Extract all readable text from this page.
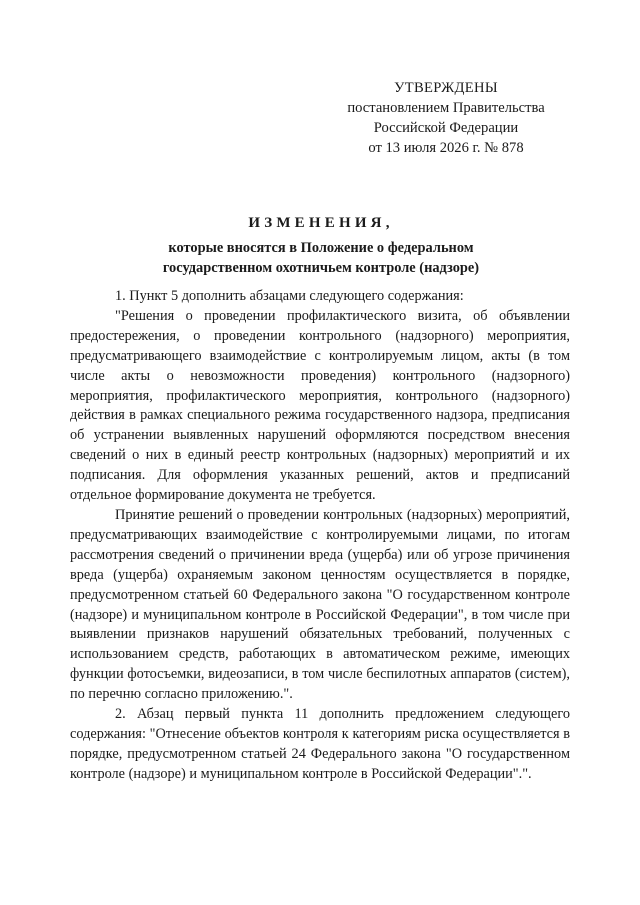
УТВЕРЖДЕНЫ
постановлением Правительства
Российской Федерации
от 13 июля 2026 г. № 878
ИЗМЕНЕНИЯ,
которые вносятся в Положение о федеральном
государственном охотничьем контроле (надзоре)

1. Пункт 5 дополнить абзацами следующего содержания:

"Решения о проведении профилактического визита, об объявлении предостережения, о проведении контрольного (надзорного) мероприятия, предусматривающего взаимодействие с контролируемым лицом, акты (в том числе акты о невозможности проведения) контрольного (надзорного) мероприятия, профилактического мероприятия, контрольного (надзорного) действия в рамках специального режима государственного надзора, предписания об устранении выявленных нарушений оформляются посредством внесения сведений о них в единый реестр контрольных (надзорных) мероприятий и их подписания. Для оформления указанных решений, актов и предписаний отдельное формирование документа не требуется.

Принятие решений о проведении контрольных (надзорных) мероприятий, предусматривающих взаимодействие с контролируемыми лицами, по итогам рассмотрения сведений о причинении вреда (ущерба) или об угрозе причинения вреда (ущерба) охраняемым законом ценностям осуществляется в порядке, предусмотренном статьей 60 Федерального закона "О государственном контроле (надзоре) и муниципальном контроле в Российской Федерации", в том числе при выявлении признаков нарушений обязательных требований, полученных с использованием средств, работающих в автоматическом режиме, имеющих функции фотосъемки, видеозаписи, в том числе беспилотных аппаратов (систем), по перечню согласно приложению.".

2. Абзац первый пункта 11 дополнить предложением следующего содержания: "Отнесение объектов контроля к категориям риска осуществляется в порядке, предусмотренном статьей 24 Федерального закона "О государственном контроле (надзоре) и муниципальном контроле в Российской Федерации".".
